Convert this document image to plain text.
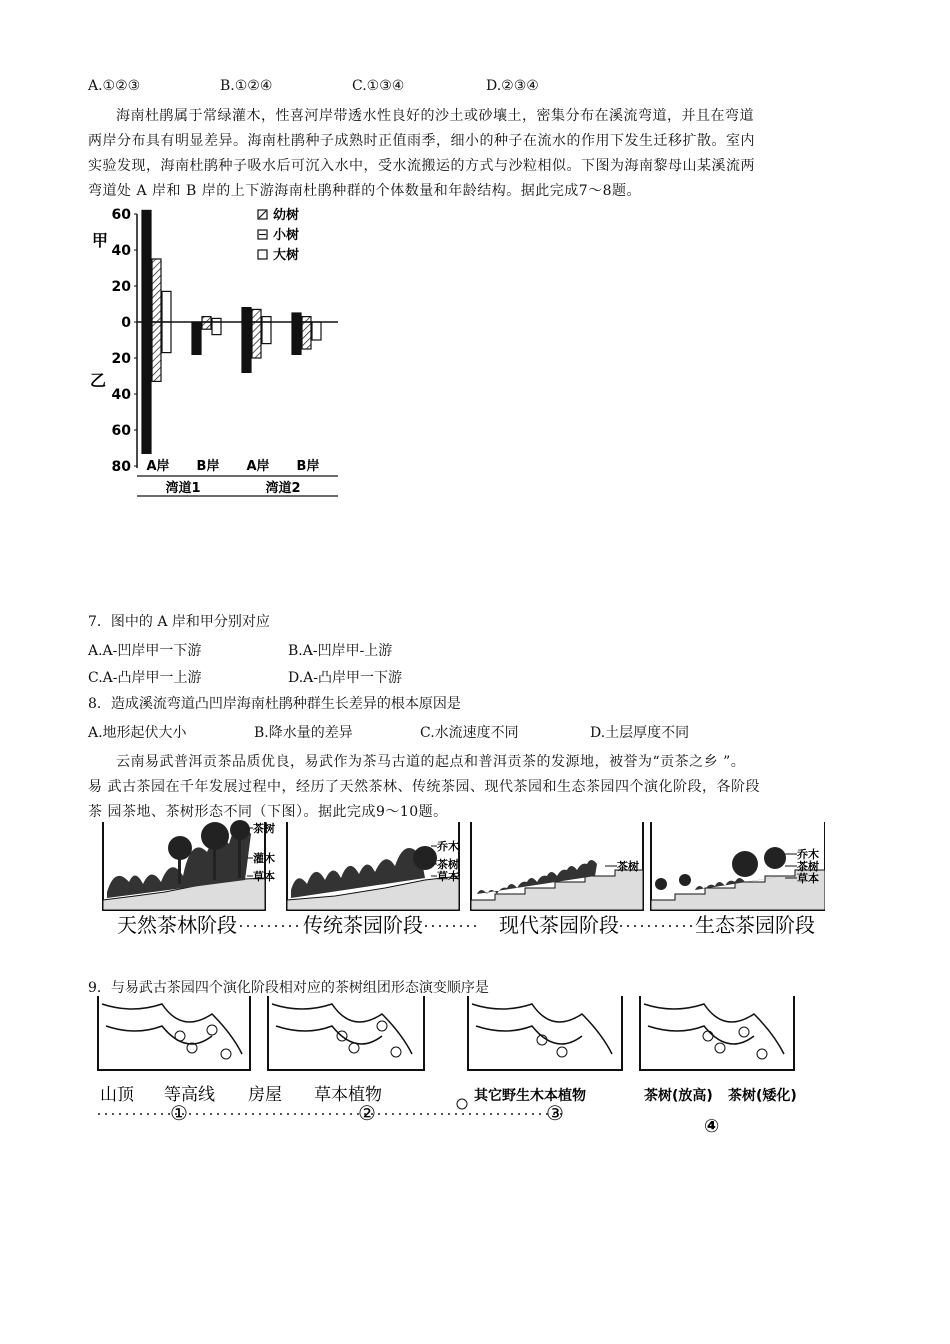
A.①②③	B.①②④	C.①③④	D.②③④
海南杜鹃属于常绿灌木，性喜河岸带透水性良好的沙土或砂壤土，密集分布在溪流弯道，并且在弯道
两岸分布具有明显差异。海南杜鹃种子成熟时正值雨季，细小的种子在流水的作用下发生迁移扩散。室内
实验发现，海南杜鹃种子吸水后可沉入水中，受水流搬运的方式与沙粒相似。下图为海南黎母山某溪流两
弯道处 A 岸和 B 岸的上下游海南杜鹃种群的个体数量和年龄结构。据此完成7～8题。
甲
乙
60
40
20
0
20
40
60
80 A岸 B岸 A岸 B岸
湾道1	湾道2
幼树
小树
大树
7．图中的 A 岸和甲分别对应
A.A-凹岸甲一下游	B.A-凹岸甲-上游
C.A-凸岸甲一上游	D.A-凸岸甲一下游
8．造成溪流弯道凸凹岸海南杜鹃种群生长差异的根本原因是
A.地形起伏大小	B.降水量的差异	C.水流速度不同	D.土层厚度不同
云南易武普洱贡茶品质优良，易武作为茶马古道的起点和普洱贡茶的发源地，被誉为“贡茶之乡 ”。
易 武古茶园在千年发展过程中，经历了天然茶林、传统茶园、现代茶园和生态茶园四个演化阶段，各阶段
茶 园茶地、茶树形态不同（下图）。据此完成9～10题。
茶树
灌木
草本
乔木
茶树
草本
茶树
乔木
茶树
草本
天然茶林阶段	传统茶园阶段	现代茶园阶段	生态茶园阶段
9．与易武古茶园四个演化阶段相对应的茶树组团形态演变顺序是
山顶 等高线 房屋 草本植物	其它野生木本植物	茶树(放高) 茶树(矮化)
①	②	③
④
